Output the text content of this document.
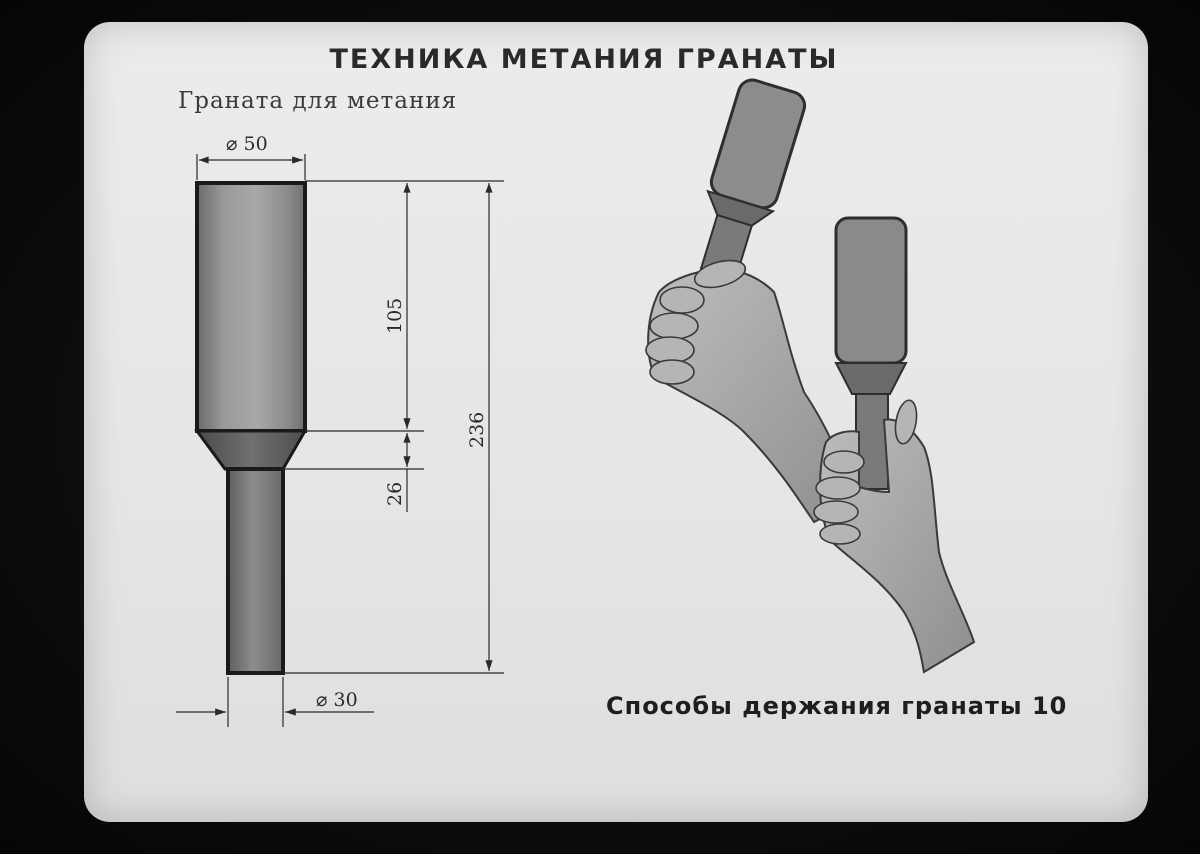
ТЕХНИКА МЕТАНИЯ ГРАНАТЫ
Граната для метания
⌀ 50
105
26
236
⌀ 30	Способы держания гранаты 10
